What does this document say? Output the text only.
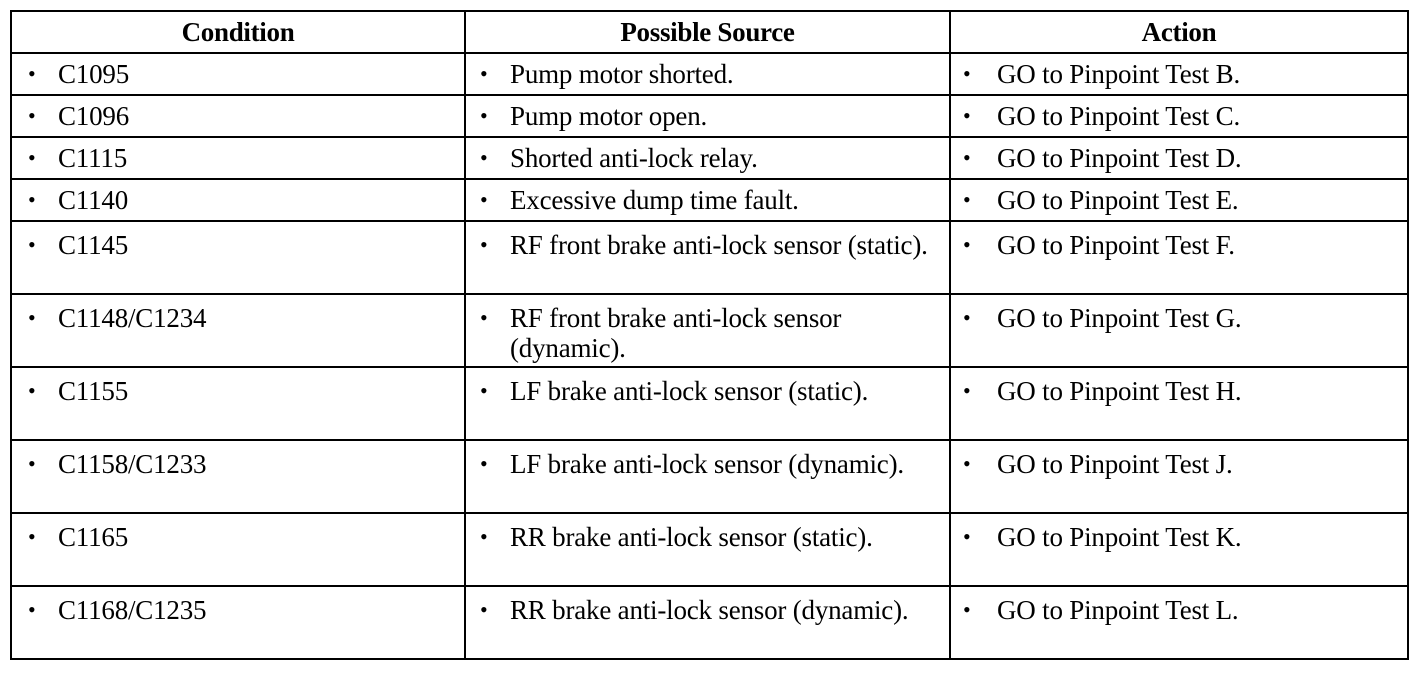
Condition	Possible Source	Action

• C1095	• Pump motor shorted.	• GO to Pinpoint Test B.

• C1096	• Pump motor open.	• GO to Pinpoint Test C.

• C1115	• Shorted anti-lock relay.	• GO to Pinpoint Test D.

• C1140	• Excessive dump time fault.	• GO to Pinpoint Test E.

• C1145	• RF front brake anti-lock sensor (static).	• GO to Pinpoint Test F.

• C1148/C1234	• RF front brake anti-lock sensor (dynamic).	• GO to Pinpoint Test G.

• C1155	• LF brake anti-lock sensor (static).	• GO to Pinpoint Test H.

• C1158/C1233	• LF brake anti-lock sensor (dynamic).	• GO to Pinpoint Test J.

• C1165	• RR brake anti-lock sensor (static).	• GO to Pinpoint Test K.

• C1168/C1235	• RR brake anti-lock sensor (dynamic).	• GO to Pinpoint Test L.
